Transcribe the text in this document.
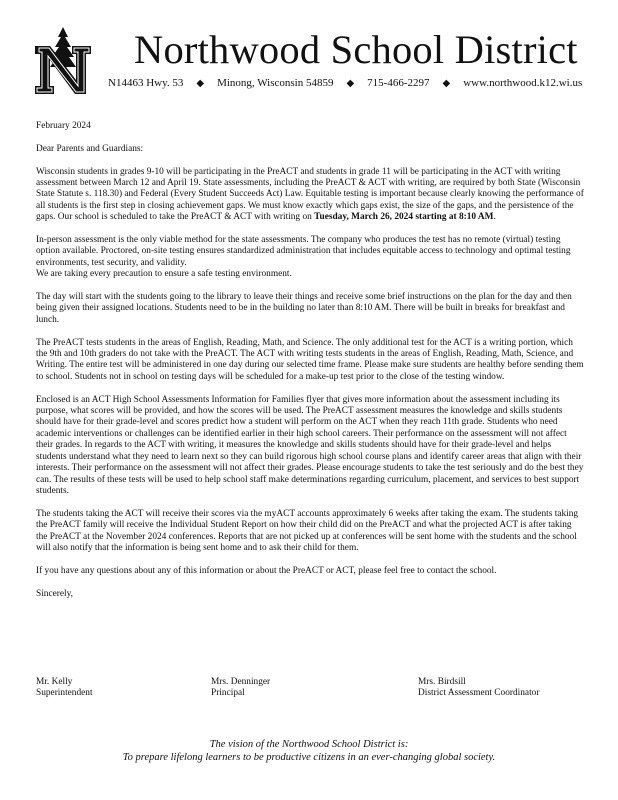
Northwood School District
N14463 Hwy. 53 ◆ Minong, Wisconsin 54859 ◆ 715-466-2297 ◆ www.northwood.k12.wi.us

February 2024

Dear Parents and Guardians:

Wisconsin students in grades 9-10 will be participating in the PreACT and students in grade 11 will be participating in the ACT with writing assessment between March 12 and April 19. State assessments, including the PreACT & ACT with writing, are required by both State (Wisconsin State Statute s. 118.30) and Federal (Every Student Succeeds Act) Law. Equitable testing is important because clearly knowing the performance of all students is the first step in closing achievement gaps. We must know exactly which gaps exist, the size of the gaps, and the persistence of the gaps. Our school is scheduled to take the PreACT & ACT with writing on Tuesday, March 26, 2024 starting at 8:10 AM.

In-person assessment is the only viable method for the state assessments. The company who produces the test has no remote (virtual) testing option available. Proctored, on-site testing ensures standardized administration that includes equitable access to technology and optimal testing environments, test security, and validity.
We are taking every precaution to ensure a safe testing environment.

The day will start with the students going to the library to leave their things and receive some brief instructions on the plan for the day and then being given their assigned locations. Students need to be in the building no later than 8:10 AM. There will be built in breaks for breakfast and lunch.

The PreACT tests students in the areas of English, Reading, Math, and Science. The only additional test for the ACT is a writing portion, which the 9th and 10th graders do not take with the PreACT. The ACT with writing tests students in the areas of English, Reading, Math, Science, and Writing. The entire test will be administered in one day during our selected time frame. Please make sure students are healthy before sending them to school. Students not in school on testing days will be scheduled for a make-up test prior to the close of the testing window.

Enclosed is an ACT High School Assessments Information for Families flyer that gives more information about the assessment including its purpose, what scores will be provided, and how the scores will be used. The PreACT assessment measures the knowledge and skills students should have for their grade-level and scores predict how a student will perform on the ACT when they reach 11th grade. Students who need academic interventions or challenges can be identified earlier in their high school careers. Their performance on the assessment will not affect their grades. In regards to the ACT with writing, it measures the knowledge and skills students should have for their grade-level and helps students understand what they need to learn next so they can build rigorous high school course plans and identify career areas that align with their interests. Their performance on the assessment will not affect their grades. Please encourage students to take the test seriously and do the best they can. The results of these tests will be used to help school staff make determinations regarding curriculum, placement, and services to best support students.

The students taking the ACT will receive their scores via the myACT accounts approximately 6 weeks after taking the exam. The students taking the PreACT family will receive the Individual Student Report on how their child did on the PreACT and what the projected ACT is after taking the PreACT at the November 2024 conferences. Reports that are not picked up at conferences will be sent home with the students and the school will also notify that the information is being sent home and to ask their child for them.

If you have any questions about any of this information or about the PreACT or ACT, please feel free to contact the school.

Sincerely,

Mr. Kelly
Superintendent
Mrs. Denninger
Principal
Mrs. Birdsill
District Assessment Coordinator
The vision of the Northwood School District is:
To prepare lifelong learners to be productive citizens in an ever-changing global society.
